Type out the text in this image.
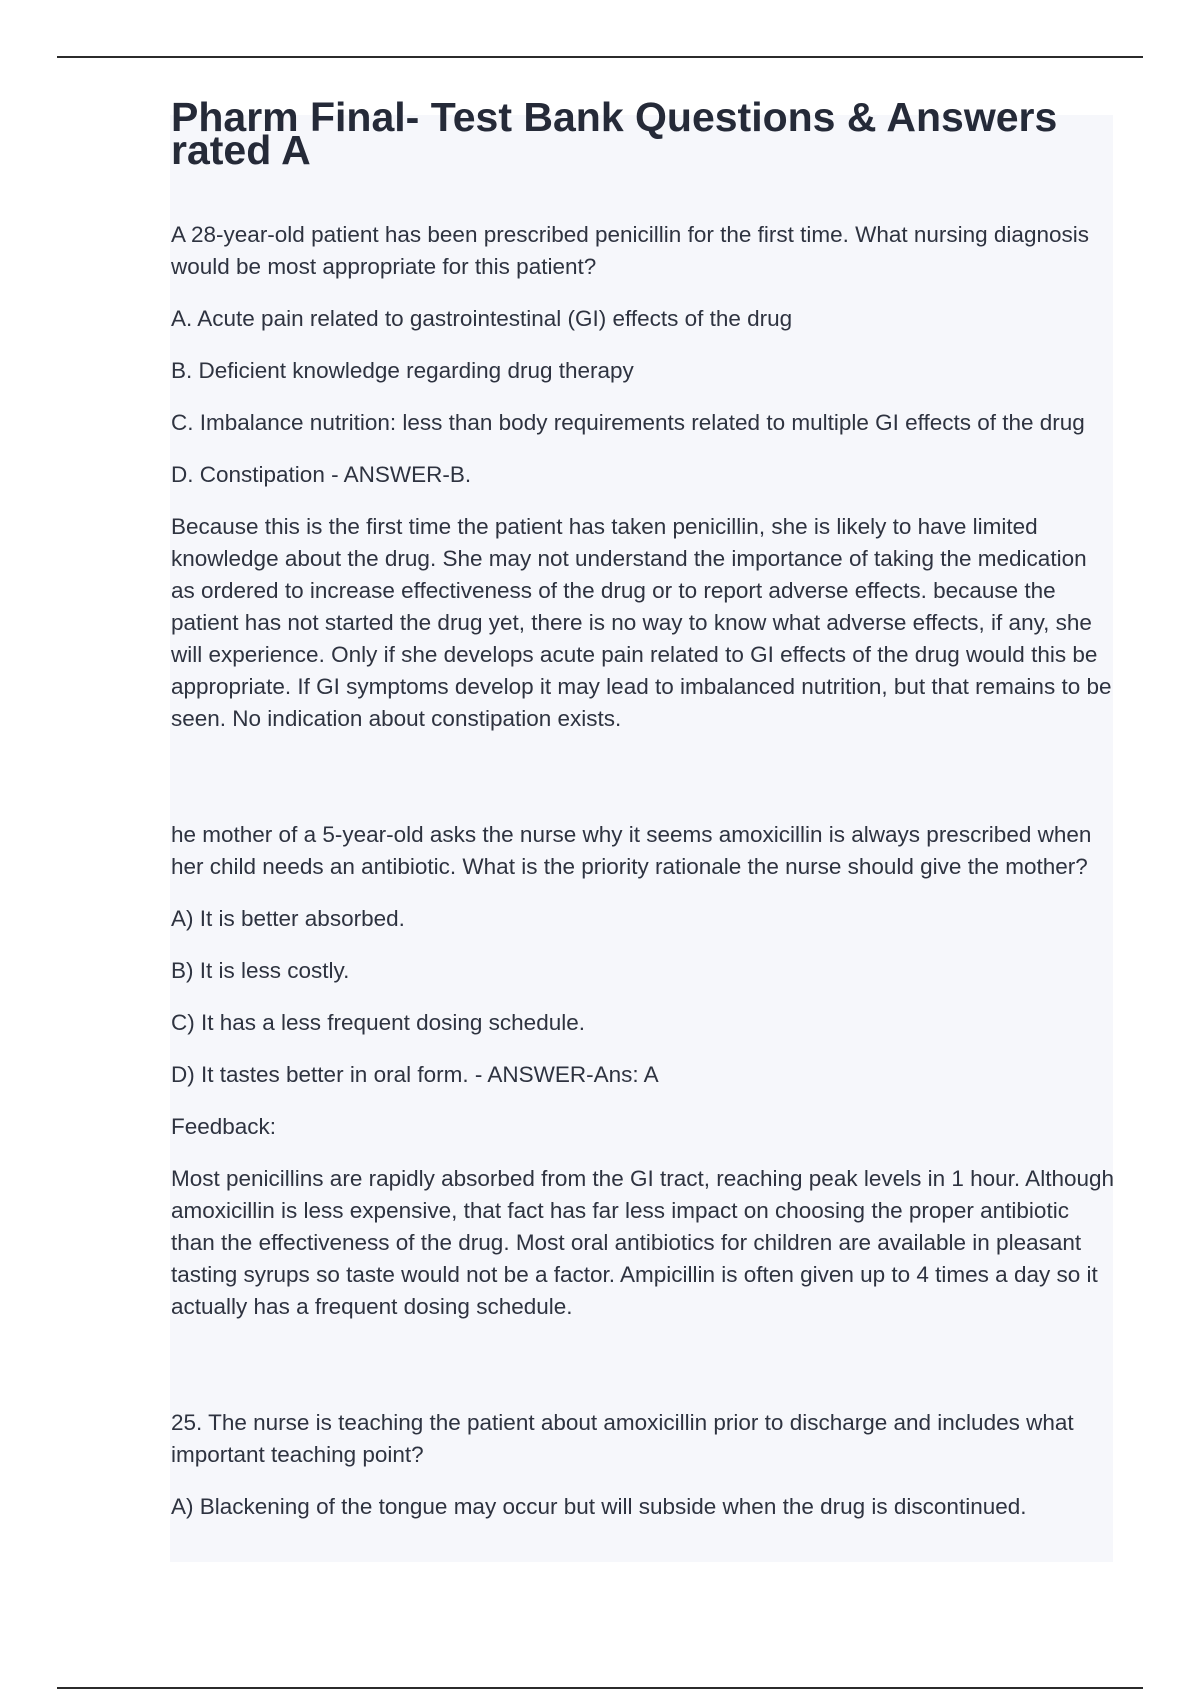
Pharm Final- Test Bank Questions & Answers rated A

A 28-year-old patient has been prescribed penicillin for the first time. What nursing diagnosis would be most appropriate for this patient?

A. Acute pain related to gastrointestinal (GI) effects of the drug

B. Deficient knowledge regarding drug therapy

C. Imbalance nutrition: less than body requirements related to multiple GI effects of the drug

D. Constipation - ANSWER-B.

Because this is the first time the patient has taken penicillin, she is likely to have limited knowledge about the drug. She may not understand the importance of taking the medication as ordered to increase effectiveness of the drug or to report adverse effects. because the patient has not started the drug yet, there is no way to know what adverse effects, if any, she will experience. Only if she develops acute pain related to GI effects of the drug would this be appropriate. If GI symptoms develop it may lead to imbalanced nutrition, but that remains to be seen. No indication about constipation exists.

he mother of a 5-year-old asks the nurse why it seems amoxicillin is always prescribed when her child needs an antibiotic. What is the priority rationale the nurse should give the mother?

A) It is better absorbed.

B) It is less costly.

C) It has a less frequent dosing schedule.

D) It tastes better in oral form. - ANSWER-Ans: A

Feedback:

Most penicillins are rapidly absorbed from the GI tract, reaching peak levels in 1 hour. Although amoxicillin is less expensive, that fact has far less impact on choosing the proper antibiotic than the effectiveness of the drug. Most oral antibiotics for children are available in pleasant tasting syrups so taste would not be a factor. Ampicillin is often given up to 4 times a day so it actually has a frequent dosing schedule.

25. The nurse is teaching the patient about amoxicillin prior to discharge and includes what important teaching point?

A) Blackening of the tongue may occur but will subside when the drug is discontinued.
